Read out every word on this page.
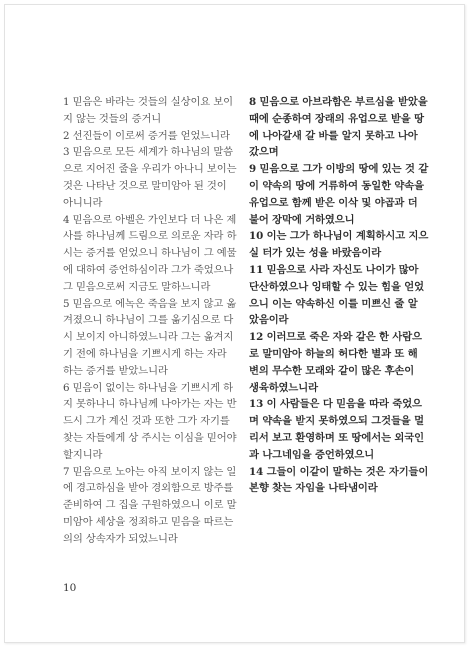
1 믿음은 바라는 것들의 실상이요 보이
지 않는 것들의 증거니
2 선진들이 이로써 증거를 얻었느니라
3 믿음으로 모든 세계가 하나님의 말씀
으로 지어진 줄을 우리가 아나니 보이는
것은 나타난 것으로 말미암아 된 것이
아니니라
4 믿음으로 아벨은 가인보다 더 나은 제
사를 하나님께 드림으로 의로운 자라 하
시는 증거를 얻었으니 하나님이 그 예물
에 대하여 증언하심이라 그가 죽었으나
그 믿음으로써 지금도 말하느니라
5 믿음으로 에녹은 죽음을 보지 않고 옮
겨졌으니 하나님이 그를 옮기심으로 다
시 보이지 아니하였느니라 그는 옮겨지
기 전에 하나님을 기쁘시게 하는 자라
하는 증거를 받았느니라
6 믿음이 없이는 하나님을 기쁘시게 하
지 못하나니 하나님께 나아가는 자는 반
드시 그가 계신 것과 또한 그가 자기를
찾는 자들에게 상 주시는 이심을 믿어야
할지니라
7 믿음으로 노아는 아직 보이지 않는 일
에 경고하심을 받아 경외함으로 방주를
준비하여 그 집을 구원하였으니 이로 말
미암아 세상을 정죄하고 믿음을 따르는
의의 상속자가 되었느니라
8 믿음으로 아브라함은 부르심을 받았을
때에 순종하여 장래의 유업으로 받을 땅
에 나아갈새 갈 바를 알지 못하고 나아
갔으며
9 믿음으로 그가 이방의 땅에 있는 것 같
이 약속의 땅에 거류하여 동일한 약속을
유업으로 함께 받은 이삭 및 야곱과 더
불어 장막에 거하였으니
10 이는 그가 하나님이 계획하시고 지으
실 터가 있는 성을 바랐음이라
11 믿음으로 사라 자신도 나이가 많아
단산하였으나 잉태할 수 있는 힘을 얻었
으니 이는 약속하신 이를 미쁘신 줄 알
았음이라
12 이러므로 죽은 자와 같은 한 사람으
로 말미암아 하늘의 허다한 별과 또 해
변의 무수한 모래와 같이 많은 후손이
생육하였느니라
13 이 사람들은 다 믿음을 따라 죽었으
며 약속을 받지 못하였으되 그것들을 멀
리서 보고 환영하며 또 땅에서는 외국인
과 나그네임을 증언하였으니
14 그들이 이같이 말하는 것은 자기들이
본향 찾는 자임을 나타냄이라
10
